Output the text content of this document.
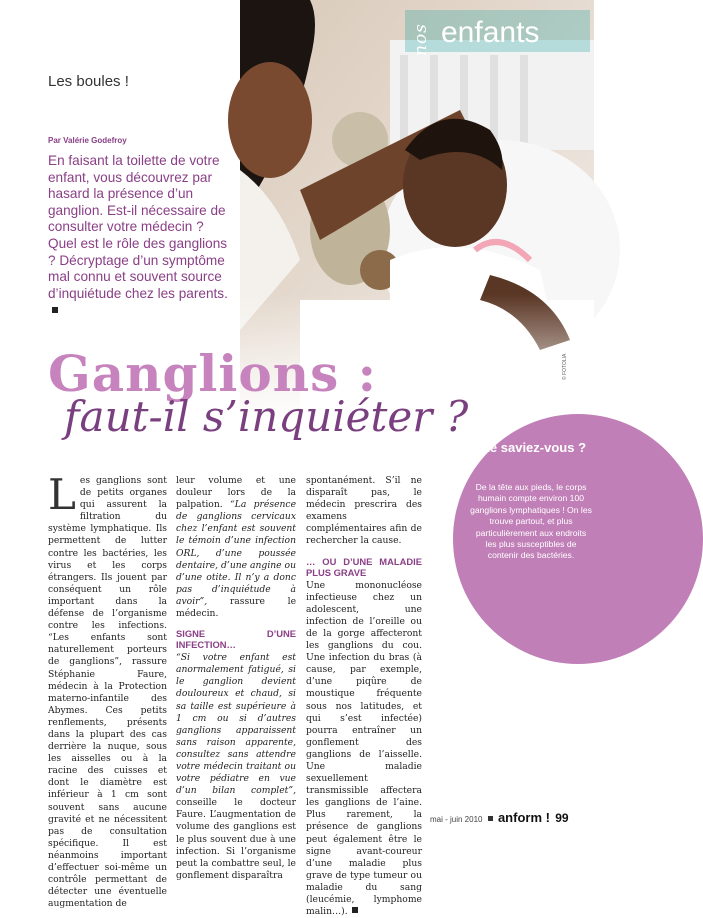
nos enfants
Les boules !
Par Valérie Godefroy
En faisant la toilette de votre enfant, vous découvrez par hasard la présence d’un ganglion. Est-il nécessaire de consulter votre médecin ? Quel est le rôle des ganglions ? Décryptage d’un symptôme mal connu et souvent source d’inquiétude chez les parents.
Ganglions :
faut-il s’inquiéter ?
© FOTOLIA
Le saviez-vous ?
De la tête aux pieds, le corps humain compte environ 100 ganglions lymphatiques ! On les trouve partout, et plus particulièrement aux endroits les plus susceptibles de contenir des bactéries.
L es ganglions sont de petits organes qui assurent la filtration du système lymphatique. Ils permettent de lutter contre les bactéries, les virus et les corps étrangers. Ils jouent par conséquent un rôle important dans la défense de l’organisme contre les infections. “Les enfants sont naturellement porteurs de ganglions”, rassure Stéphanie Faure, médecin à la Protection materno-infantile des Abymes. Ces petits renflements, présents dans la plupart des cas derrière la nuque, sous les aisselles ou à la racine des cuisses et dont le diamètre est inférieur à 1 cm sont souvent sans aucune gravité et ne nécessitent pas de consultation spécifique. Il est néanmoins important d’effectuer soi-même un contrôle permettant de détecter une éventuelle augmentation de
leur volume et une douleur lors de la palpation. “La présence de ganglions cervicaux chez l’enfant est souvent le témoin d’une infection ORL, d’une poussée dentaire, d’une angine ou d’une otite. Il n’y a donc pas d’inquiétude à avoir”, rassure le médecin.
SIGNE D’UNE INFECTION…
“Si votre enfant est anormalement fatigué, si le ganglion devient douloureux et chaud, si sa taille est supérieure à 1 cm ou si d’autres ganglions apparaissent sans raison apparente, consultez sans attendre votre médecin traitant ou votre pédiatre en vue d’un bilan complet”, conseille le docteur Faure. L’augmentation de volume des ganglions est le plus souvent due à une infection. Si l’organisme peut la combattre seul, le gonflement disparaîtra
spontanément. S’il ne disparaît pas, le médecin prescrira des examens complémentaires afin de rechercher la cause.
… OU D’UNE MALADIE PLUS GRAVE
Une mononucléose infectieuse chez un adolescent, une infection de l’oreille ou de la gorge affecteront les ganglions du cou. Une infection du bras (à cause, par exemple, d’une piqûre de moustique fréquente sous nos latitudes, et qui s’est infectée) pourra entraîner un gonflement des ganglions de l’aisselle. Une maladie sexuellement transmissible affectera les ganglions de l’aine. Plus rarement, la présence de ganglions peut également être le signe avant-coureur d’une maladie plus grave de type tumeur ou maladie du sang (leucémie, lymphome malin…).
mai - juin 2010 anform ! 99
